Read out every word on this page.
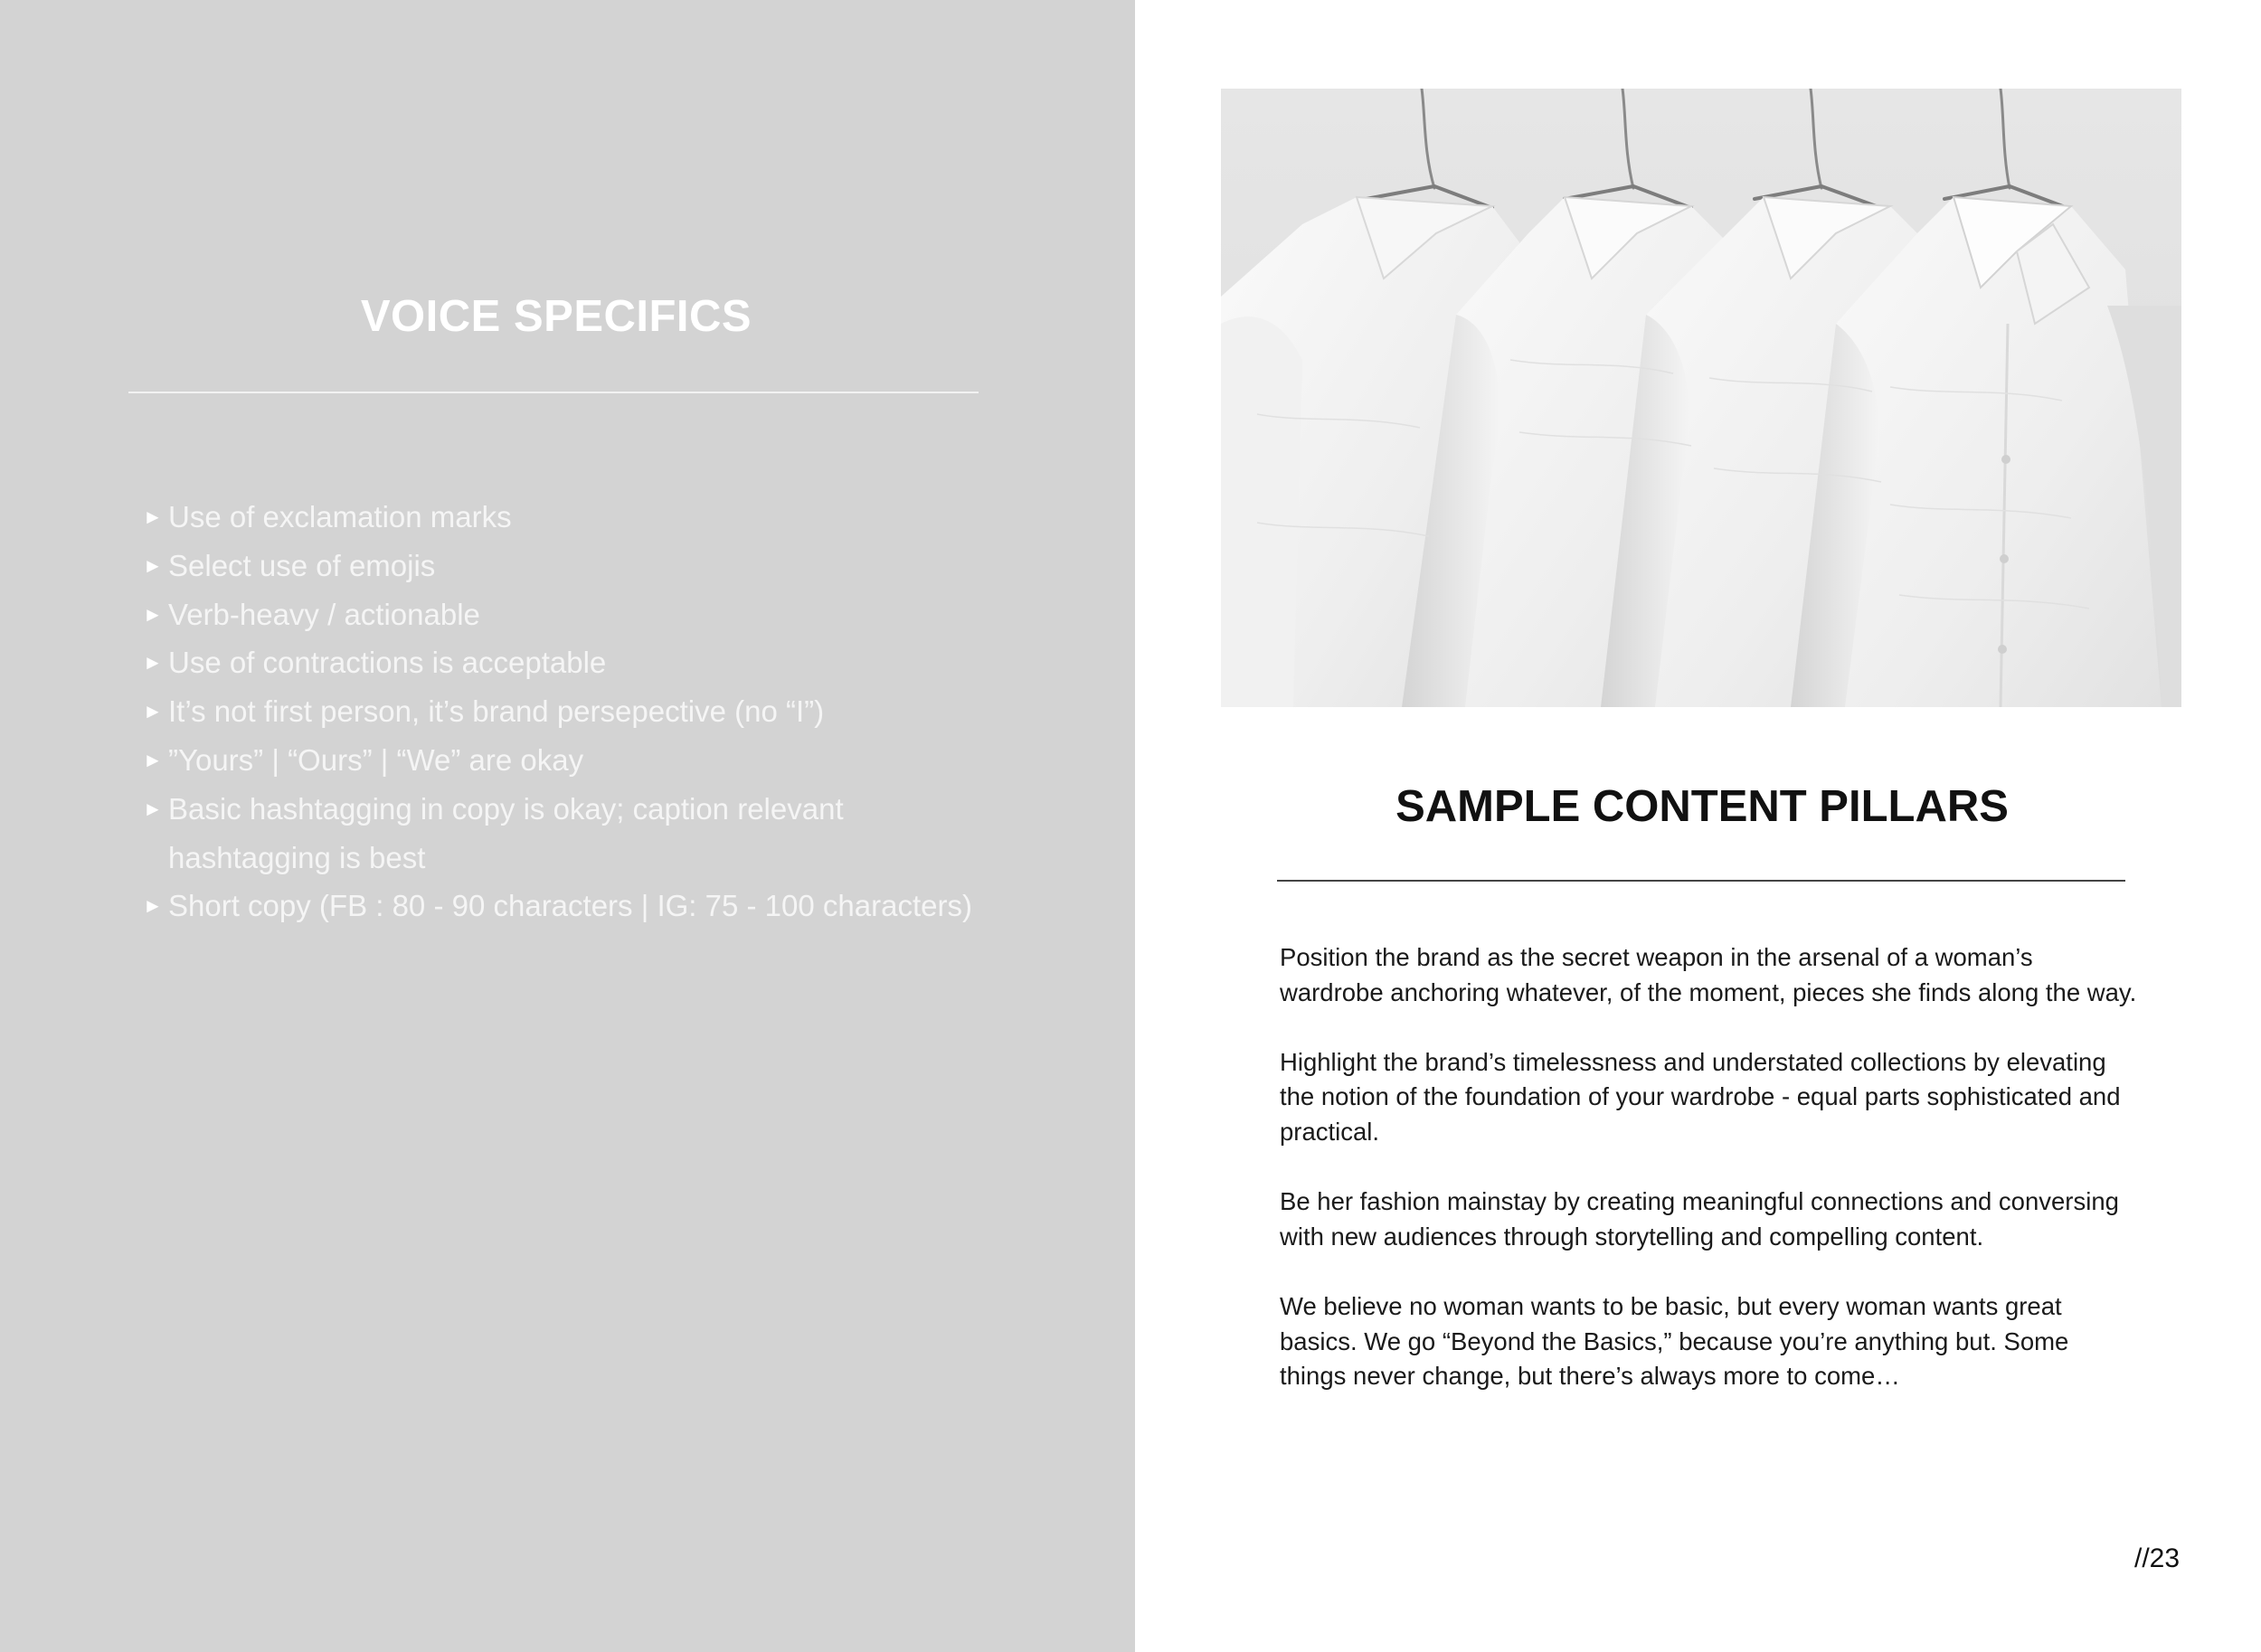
VOICE SPECIFICS
► Use of exclamation marks
► Select use of emojis
► Verb-heavy / actionable
► Use of contractions is acceptable
► It’s not first person, it’s brand persepective (no “I”)
► ”Yours” | “Ours” | “We” are okay
► Basic hashtagging in copy is okay; caption relevant hashtagging is best
► Short copy (FB : 80 - 90 characters | IG: 75 - 100 characters)
SAMPLE CONTENT PILLARS

Position the brand as the secret weapon in the arsenal of a woman’s wardrobe anchoring whatever, of the moment, pieces she finds along the way.

Highlight the brand’s timelessness and understated collections by elevating the notion of the foundation of your wardrobe - equal parts sophisticated and practical.

Be her fashion mainstay by creating meaningful connections and conversing with new audiences through storytelling and compelling content.

We believe no woman wants to be basic, but every woman wants great basics. We go “Beyond the Basics,” because you’re anything but. Some things never change, but there’s always more to come…

//23
